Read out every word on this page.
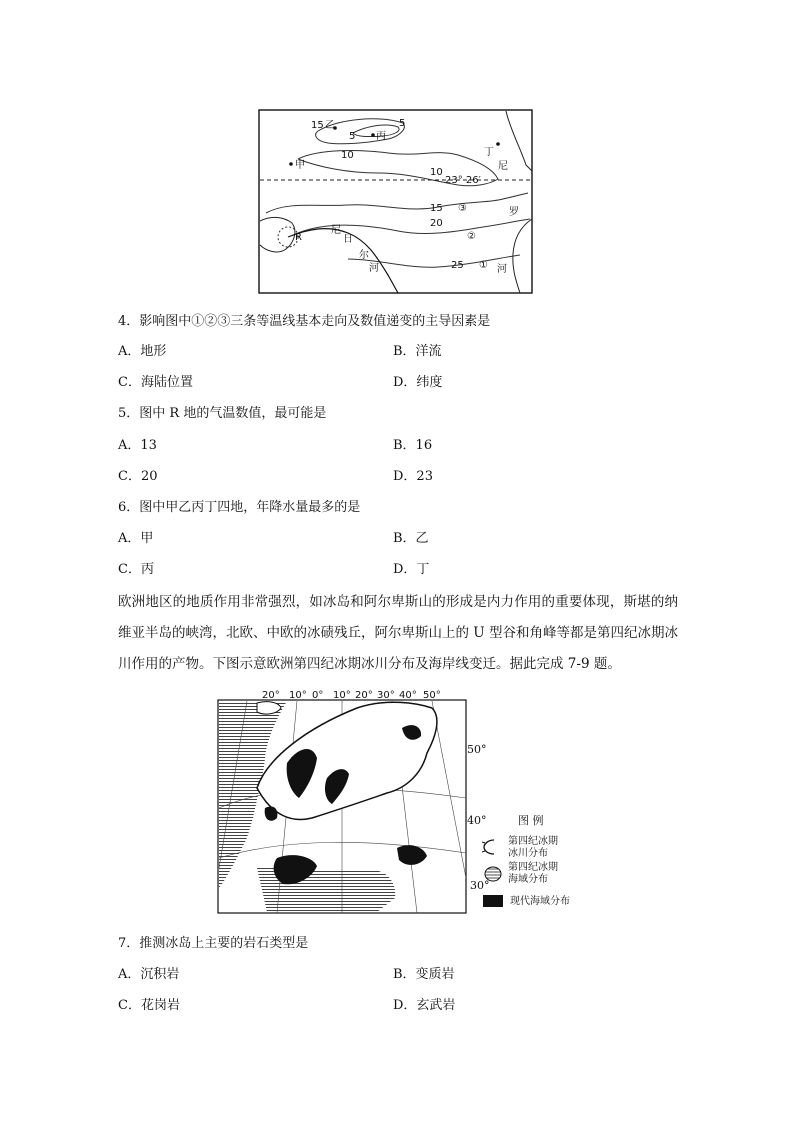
15 乙	5
5 丙
10
甲
丁
尼
10
23° 26′
15 ③	罗
20
尼
R	②
日
尔
河	25 ① 河
4．影响图中①②③三条等温线基本走向及数值递变的主导因素是
A．地形	B．洋流
C．海陆位置	D．纬度
5．图中 R 地的气温数值，最可能是
A．13	B．16
C．20	D．23
6．图中甲乙丙丁四地，年降水量最多的是
A．甲	B．乙
C．丙	D．丁
欧洲地区的地质作用非常强烈，如冰岛和阿尔卑斯山的形成是内力作用的重要体现，斯堪的纳维亚半岛的峡湾，北欧、中欧的冰碛残丘，阿尔卑斯山上的 U 型谷和角峰等都是第四纪冰期冰川作用的产物。下图示意欧洲第四纪冰期冰川分布及海岸线变迁。据此完成 7-9 题。
20° 10° 0° 10° 20° 30° 40° 50°
50°
40°
30°
图 例
第四纪冰期
冰川分布
第四纪冰期
海域分布
现代海域分布
7．推测冰岛上主要的岩石类型是
A．沉积岩	B．变质岩
C．花岗岩	D．玄武岩
